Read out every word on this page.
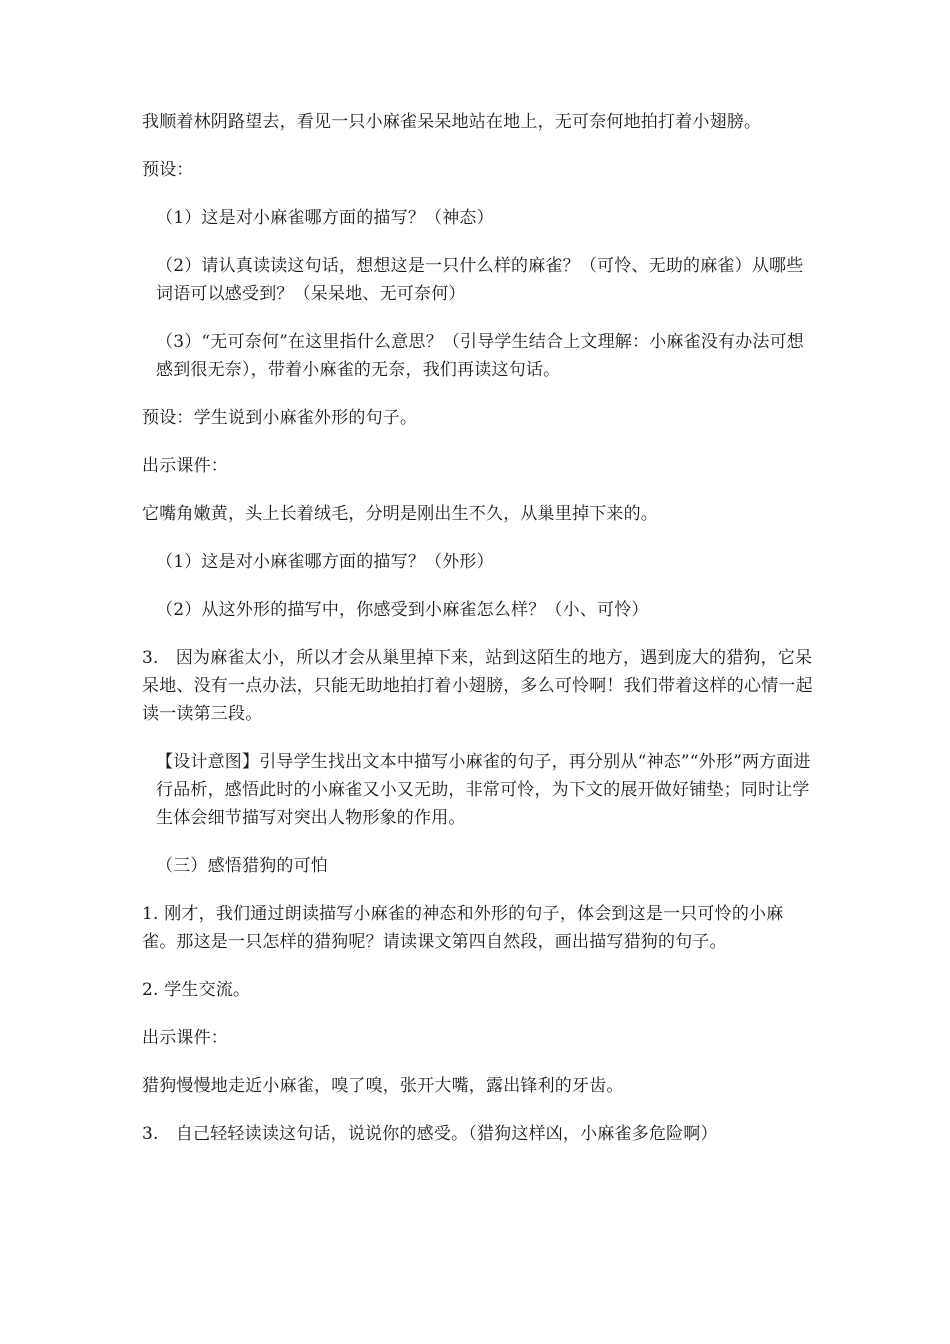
我顺着林阴路望去，看见一只小麻雀呆呆地站在地上，无可奈何地拍打着小翅膀。

预设：

（1）这是对小麻雀哪方面的描写？（神态）

（2）请认真读读这句话，想想这是一只什么样的麻雀？（可怜、无助的麻雀）从哪些词语可以感受到？（呆呆地、无可奈何）

（3）“无可奈何”在这里指什么意思？（引导学生结合上文理解：小麻雀没有办法可想感到很无奈），带着小麻雀的无奈，我们再读这句话。

预设：学生说到小麻雀外形的句子。

出示课件：

它嘴角嫩黄，头上长着绒毛，分明是刚出生不久，从巢里掉下来的。

（1）这是对小麻雀哪方面的描写？（外形）

（2）从这外形的描写中，你感受到小麻雀怎么样？（小、可怜）

3.　因为麻雀太小，所以才会从巢里掉下来，站到这陌生的地方，遇到庞大的猎狗，它呆呆地、没有一点办法，只能无助地拍打着小翅膀，多么可怜啊！我们带着这样的心情一起读一读第三段。

【设计意图】引导学生找出文本中描写小麻雀的句子，再分别从“神态”“外形”两方面进行品析，感悟此时的小麻雀又小又无助，非常可怜，为下文的展开做好铺垫；同时让学生体会细节描写对突出人物形象的作用。

（三）感悟猎狗的可怕

1. 刚才，我们通过朗读描写小麻雀的神态和外形的句子，体会到这是一只可怜的小麻雀。那这是一只怎样的猎狗呢？请读课文第四自然段，画出描写猎狗的句子。

2. 学生交流。

出示课件：

猎狗慢慢地走近小麻雀，嗅了嗅，张开大嘴，露出锋利的牙齿。

3.　自己轻轻读读这句话，说说你的感受。（猎狗这样凶，小麻雀多危险啊）
